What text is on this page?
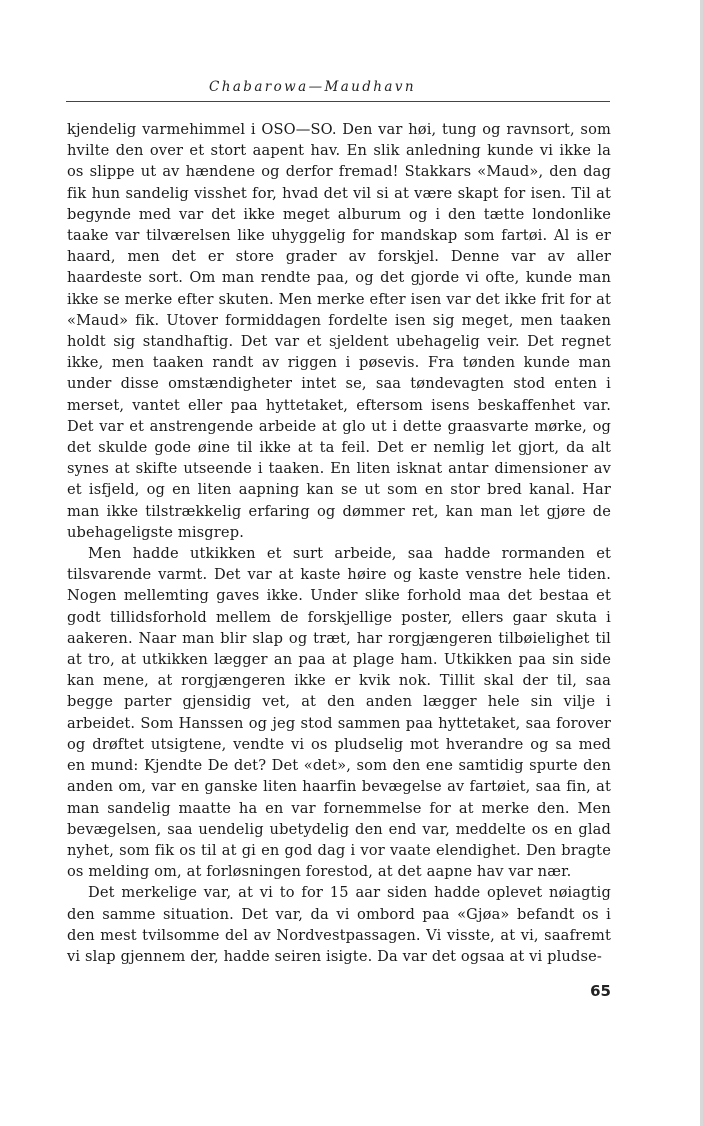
Chabarowa—Maudhavn

kjendelig varmehimmel i OSO—SO. Den var høi, tung og ravnsort, som hvilte den over et stort aapent hav. En slik anledning kunde vi ikke la os slippe ut av hændene og derfor fremad! Stakkars «Maud», den dag fik hun sandelig visshet for, hvad det vil si at være skapt for isen. Til at begynde med var det ikke meget alburum og i den tætte londonlike taake var tilværelsen like uhyggelig for mandskap som fartøi. Al is er haard, men det er store grader av forskjel. Denne var av aller haardeste sort. Om man rendte paa, og det gjorde vi ofte, kunde man ikke se merke efter skuten. Men merke efter isen var det ikke frit for at «Maud» fik. Utover formiddagen fordelte isen sig meget, men taaken holdt sig standhaftig. Det var et sjeldent ubehagelig veir. Det regnet ikke, men taaken randt av riggen i pøsevis. Fra tønden kunde man under disse omstændigheter intet se, saa tøndevagten stod enten i merset, vantet eller paa hyttetaket, eftersom isens beskaffenhet var. Det var et anstrengende arbeide at glo ut i dette graasvarte mørke, og det skulde gode øine til ikke at ta feil. Det er nemlig let gjort, da alt synes at skifte utseende i taaken. En liten isknat antar dimensioner av et isfjeld, og en liten aapning kan se ut som en stor bred kanal. Har man ikke tilstrækkelig erfaring og dømmer ret, kan man let gjøre de ubehageligste misgrep.

Men hadde utkikken et surt arbeide, saa hadde rormanden et tilsvarende varmt. Det var at kaste høire og kaste venstre hele tiden. Nogen mellemting gaves ikke. Under slike forhold maa det bestaa et godt tillidsforhold mellem de forskjellige poster, ellers gaar skuta i aakeren. Naar man blir slap og træt, har rorgjængeren tilbøielighet til at tro, at utkikken lægger an paa at plage ham. Utkikken paa sin side kan mene, at rorgjængeren ikke er kvik nok. Tillit skal der til, saa begge parter gjensidig vet, at den anden lægger hele sin vilje i arbeidet. Som Hanssen og jeg stod sammen paa hyttetaket, saa forover og drøftet utsigtene, vendte vi os pludselig mot hverandre og sa med en mund: Kjendte De det? Det «det», som den ene samtidig spurte den anden om, var en ganske liten haarfin bevægelse av fartøiet, saa fin, at man sandelig maatte ha en var fornemmelse for at merke den. Men bevægelsen, saa uendelig ubetydelig den end var, meddelte os en glad nyhet, som fik os til at gi en god dag i vor vaate elendighet. Den bragte os melding om, at forløsningen forestod, at det aapne hav var nær.

Det merkelige var, at vi to for 15 aar siden hadde oplevet nøiagtig den samme situation. Det var, da vi ombord paa «Gjøa» befandt os i den mest tvilsomme del av Nordvestpassagen. Vi visste, at vi, saafremt vi slap gjennem der, hadde seiren isigte. Da var det ogsaa at vi pludse-

65
